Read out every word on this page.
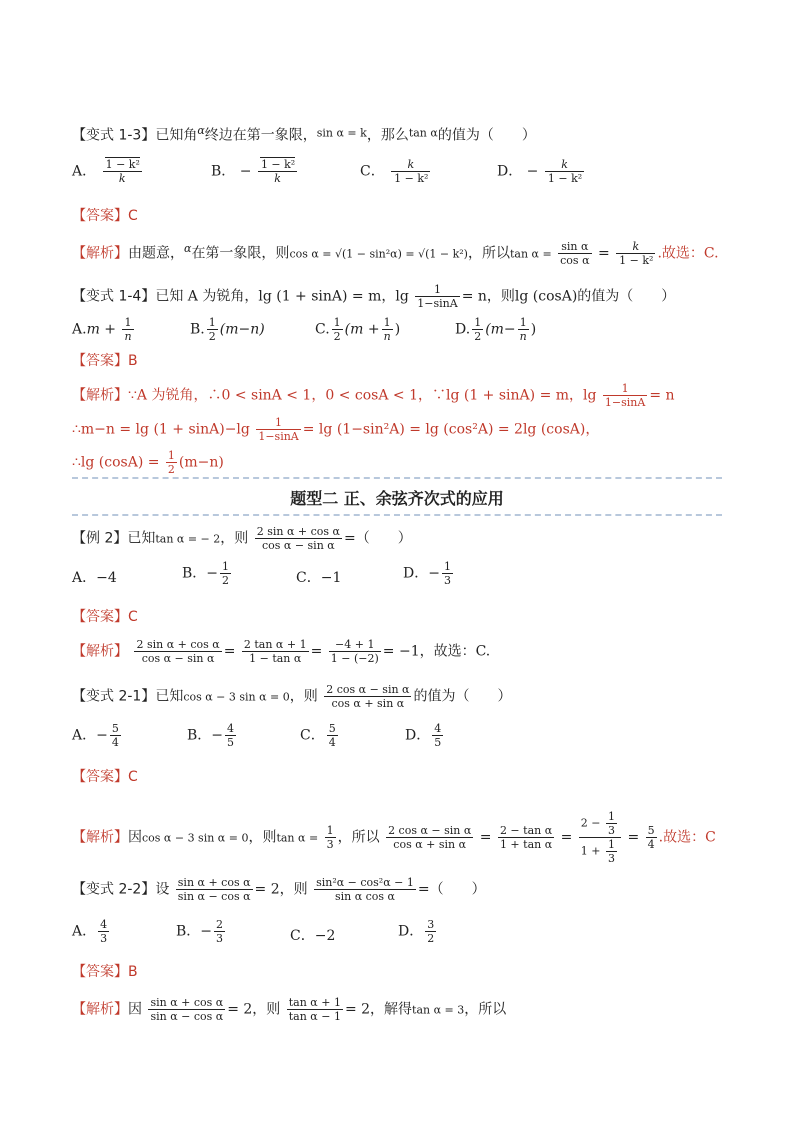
【变式 1-3】已知角$^\alpha$终边在第一象限，$^{sin \alpha = k}$，那么$^{tan \alpha}$的值为（　　）
A． $\frac{\text{1 − k²}}{k}$	B． − $\frac{\text{1 − k²}}{k}$	C． $\frac{k}{\text{1 − k²}}$	D． − $\frac{k}{\text{1 − k²}}$
【答案】C
【解析】由题意，$^\alpha$在第一象限，则cos α = √(1 − sin²α) = √(1 − k²)，所以$\tan \alpha = \frac{\text{sin α}}{\text{cos α}} = \frac{k}{\text{1 − k²}}$ .故选：C.
【变式 1-4】已知 A 为锐角，lg (1 + sinA) = m，$\lg \frac{1}{1-\sin A} = n$，则lg (cosA)的值为（　　）
$A.m + \frac{1}{n}$	B. $\frac{1}{2} (m-n)$	C. $\frac{1}{2} (m + \frac{1}{n}$ )	D. $\frac{1}{2} (m- \frac{1}{n}$ )
【答案】B
【解析】∵A 为锐角，∴0 < sinA < 1，0 < cosA < 1，∵lg (1 + sinA) = m，$\lg \frac{1}{1-\sin A} = n$
∴m−n = $\lg (1 + \sin A)-\lg \frac{1}{1-\sin A} = \lg (1-\sin^2A) = \lg (\cos^2A) = 2\lg$ (cosA)，
∴lg $(\cos A) = \frac{1}{2} (m-n)$
题型二 正、余弦齐次式的应用
【例 2】已知tan α = − 2，则 $\frac{\text{2 sin α + cos α}}{\text{cos α − sin α}}$ =（　　）
A．−4	B．− $\frac{1}{2}$	C．−1	D．− $\frac{1}{3}$
【答案】C
【解析】 $\frac{\text{2 sin α + cos α}}{\text{cos α − sin α}} = \frac{\text{2 tan α + 1}}{\text{1 − tan α}} = \frac{-4 + 1}{1 - (-2)} = -1$，故选：C.
【变式 2-1】已知cos α − 3 sin α = 0，则 $\frac{\text{2 cos α − sin α}}{\text{cos α + sin α}}$ 的值为（　　）
A．− $\frac{5}{4}$	B．− $\frac{4}{5}$	C． $\frac{5}{4}$	D． $\frac{4}{5}$
【答案】C
【解析】因cos α − 3 sin α = 0，则$\tan \alpha = \frac{1}{3}$ ，所以 $\frac{\text{2 cos α − sin α}}{\text{cos α + sin α}} = \frac{\text{2 − tan α}}{\text{1 + tan α}} = \frac{2 - \frac{1}{3}}{1 + \frac{1}{3}} = \frac{5}{4}$ .故选：C
【变式 2-2】设 $\frac{\text{sin α + cos α}}{\text{sin α − cos α}} = 2$，则 $\frac{\text{sin²α − cos²α − 1}}{\text{sin α cos α}}$ =（　　）
A． $\frac{4}{3}$	B．− $\frac{2}{3}$	C．−2	D． $\frac{3}{2}$
【答案】B
【解析】因 $\frac{\text{sin α + cos α}}{\text{sin α − cos α}} = 2$，则 $\frac{\text{tan α + 1}}{\text{tan α − 1}} = 2$，解得tan α = 3，所以
